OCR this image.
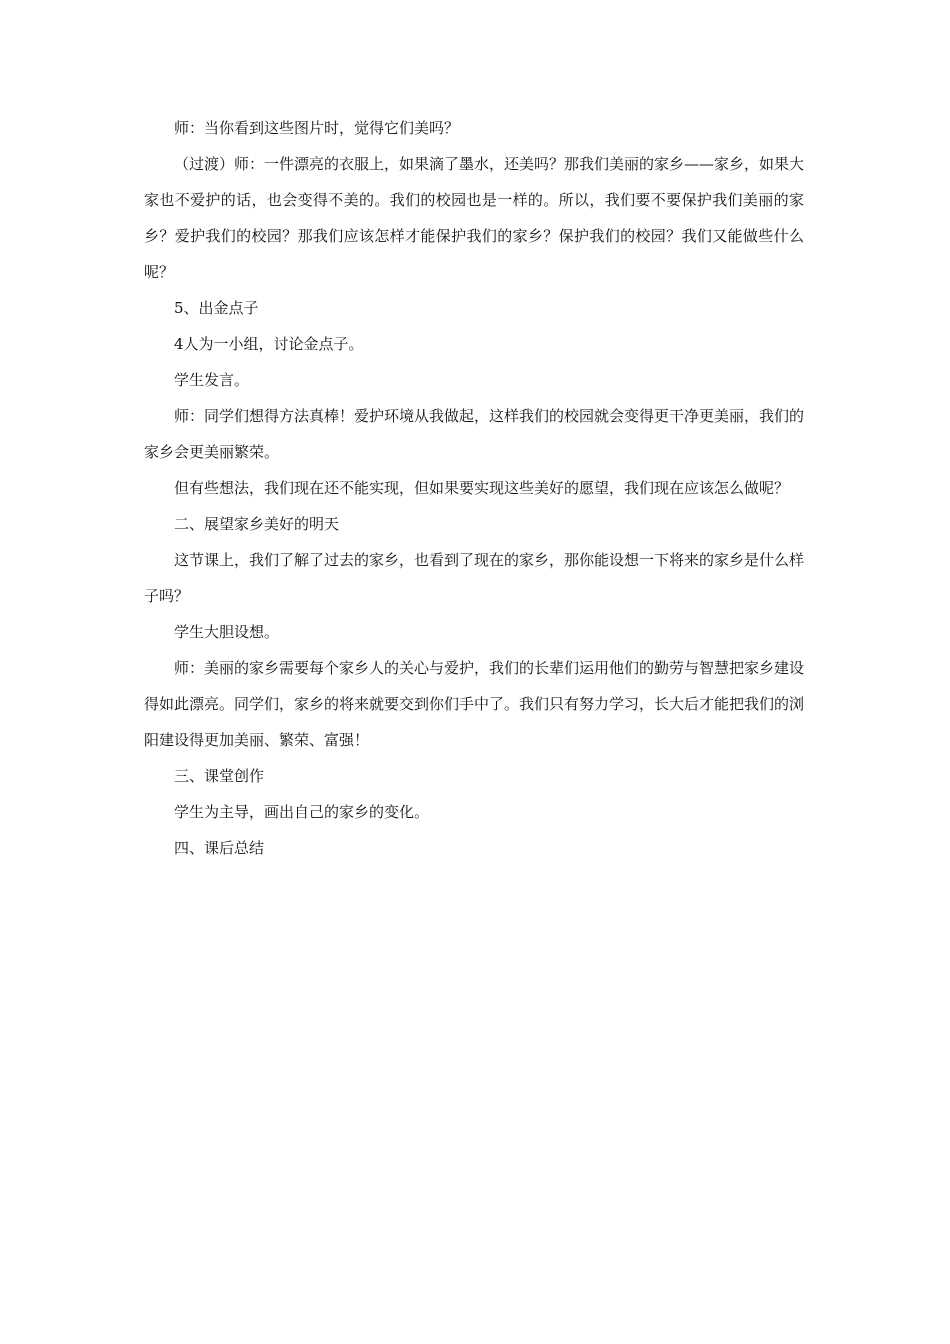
师：当你看到这些图片时，觉得它们美吗？

（过渡）师：一件漂亮的衣服上，如果滴了墨水，还美吗？那我们美丽的家乡——家乡，如果大家也不爱护的话，也会变得不美的。我们的校园也是一样的。所以，我们要不要保护我们美丽的家乡？爱护我们的校园？那我们应该怎样才能保护我们的家乡？保护我们的校园？我们又能做些什么呢？

5、出金点子

4人为一小组，讨论金点子。

学生发言。

师：同学们想得方法真棒！爱护环境从我做起，这样我们的校园就会变得更干净更美丽，我们的家乡会更美丽繁荣。

但有些想法，我们现在还不能实现，但如果要实现这些美好的愿望，我们现在应该怎么做呢？

二、展望家乡美好的明天

这节课上，我们了解了过去的家乡，也看到了现在的家乡，那你能设想一下将来的家乡是什么样子吗？

学生大胆设想。

师：美丽的家乡需要每个家乡人的关心与爱护，我们的长辈们运用他们的勤劳与智慧把家乡建设得如此漂亮。同学们，家乡的将来就要交到你们手中了。我们只有努力学习，长大后才能把我们的浏阳建设得更加美丽、繁荣、富强！

三、课堂创作

学生为主导，画出自己的家乡的变化。

四、课后总结
